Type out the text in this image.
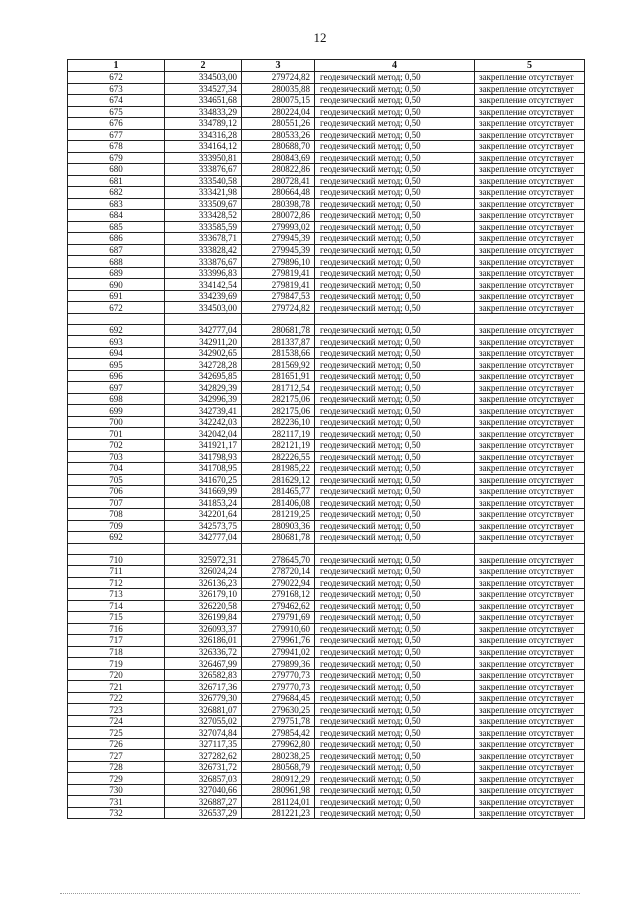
12
1	2	3	4	5
672	334503,00	279724,82	геодезический метод; 0,50	закрепление отсутствует
673	334527,34	280035,88	геодезический метод; 0,50	закрепление отсутствует
674	334651,68	280075,15	геодезический метод; 0,50	закрепление отсутствует
675	334833,29	280224,04	геодезический метод; 0,50	закрепление отсутствует
676	334789,12	280551,26	геодезический метод; 0,50	закрепление отсутствует
677	334316,28	280533,26	геодезический метод; 0,50	закрепление отсутствует
678	334164,12	280688,70	геодезический метод; 0,50	закрепление отсутствует
679	333950,81	280843,69	геодезический метод; 0,50	закрепление отсутствует
680	333876,67	280822,86	геодезический метод; 0,50	закрепление отсутствует
681	333540,58	280728,41	геодезический метод; 0,50	закрепление отсутствует
682	333421,98	280664,48	геодезический метод; 0,50	закрепление отсутствует
683	333509,67	280398,78	геодезический метод; 0,50	закрепление отсутствует
684	333428,52	280072,86	геодезический метод; 0,50	закрепление отсутствует
685	333585,59	279993,02	геодезический метод; 0,50	закрепление отсутствует
686	333678,71	279945,39	геодезический метод; 0,50	закрепление отсутствует
687	333828,42	279945,39	геодезический метод; 0,50	закрепление отсутствует
688	333876,67	279896,10	геодезический метод; 0,50	закрепление отсутствует
689	333996,83	279819,41	геодезический метод; 0,50	закрепление отсутствует
690	334142,54	279819,41	геодезический метод; 0,50	закрепление отсутствует
691	334239,69	279847,53	геодезический метод; 0,50	закрепление отсутствует
672	334503,00	279724,82	геодезический метод; 0,50	закрепление отсутствует

692	342777,04	280681,78	геодезический метод; 0,50	закрепление отсутствует
693	342911,20	281337,87	геодезический метод; 0,50	закрепление отсутствует
694	342902,65	281538,66	геодезический метод; 0,50	закрепление отсутствует
695	342728,28	281569,92	геодезический метод; 0,50	закрепление отсутствует
696	342695,85	281651,91	геодезический метод; 0,50	закрепление отсутствует
697	342829,39	281712,54	геодезический метод; 0,50	закрепление отсутствует
698	342996,39	282175,06	геодезический метод; 0,50	закрепление отсутствует
699	342739,41	282175,06	геодезический метод; 0,50	закрепление отсутствует
700	342242,03	282236,10	геодезический метод; 0,50	закрепление отсутствует
701	342042,04	282117,19	геодезический метод; 0,50	закрепление отсутствует
702	341921,17	282121,19	геодезический метод; 0,50	закрепление отсутствует
703	341798,93	282226,55	геодезический метод; 0,50	закрепление отсутствует
704	341708,95	281985,22	геодезический метод; 0,50	закрепление отсутствует
705	341670,25	281629,12	геодезический метод; 0,50	закрепление отсутствует
706	341669,99	281465,77	геодезический метод; 0,50	закрепление отсутствует
707	341853,24	281406,08	геодезический метод; 0,50	закрепление отсутствует
708	342201,64	281219,25	геодезический метод; 0,50	закрепление отсутствует
709	342573,75	280903,36	геодезический метод; 0,50	закрепление отсутствует
692	342777,04	280681,78	геодезический метод; 0,50	закрепление отсутствует

710	325972,31	278645,70	геодезический метод; 0,50	закрепление отсутствует
711	326024,24	278720,14	геодезический метод; 0,50	закрепление отсутствует
712	326136,23	279022,94	геодезический метод; 0,50	закрепление отсутствует
713	326179,10	279168,12	геодезический метод; 0,50	закрепление отсутствует
714	326220,58	279462,62	геодезический метод; 0,50	закрепление отсутствует
715	326199,84	279791,69	геодезический метод; 0,50	закрепление отсутствует
716	326093,37	279910,60	геодезический метод; 0,50	закрепление отсутствует
717	326186,01	279961,76	геодезический метод; 0,50	закрепление отсутствует
718	326336,72	279941,02	геодезический метод; 0,50	закрепление отсутствует
719	326467,99	279899,36	геодезический метод; 0,50	закрепление отсутствует
720	326582,83	279770,73	геодезический метод; 0,50	закрепление отсутствует
721	326717,36	279770,73	геодезический метод; 0,50	закрепление отсутствует
722	326779,30	279684,45	геодезический метод; 0,50	закрепление отсутствует
723	326881,07	279630,25	геодезический метод; 0,50	закрепление отсутствует
724	327055,02	279751,78	геодезический метод; 0,50	закрепление отсутствует
725	327074,84	279854,42	геодезический метод; 0,50	закрепление отсутствует
726	327117,35	279962,80	геодезический метод; 0,50	закрепление отсутствует
727	327282,62	280238,25	геодезический метод; 0,50	закрепление отсутствует
728	326731,72	280568,79	геодезический метод; 0,50	закрепление отсутствует
729	326857,03	280912,29	геодезический метод; 0,50	закрепление отсутствует
730	327040,66	280961,98	геодезический метод; 0,50	закрепление отсутствует
731	326887,27	281124,01	геодезический метод; 0,50	закрепление отсутствует
732	326537,29	281221,23	геодезический метод; 0,50	закрепление отсутствует
